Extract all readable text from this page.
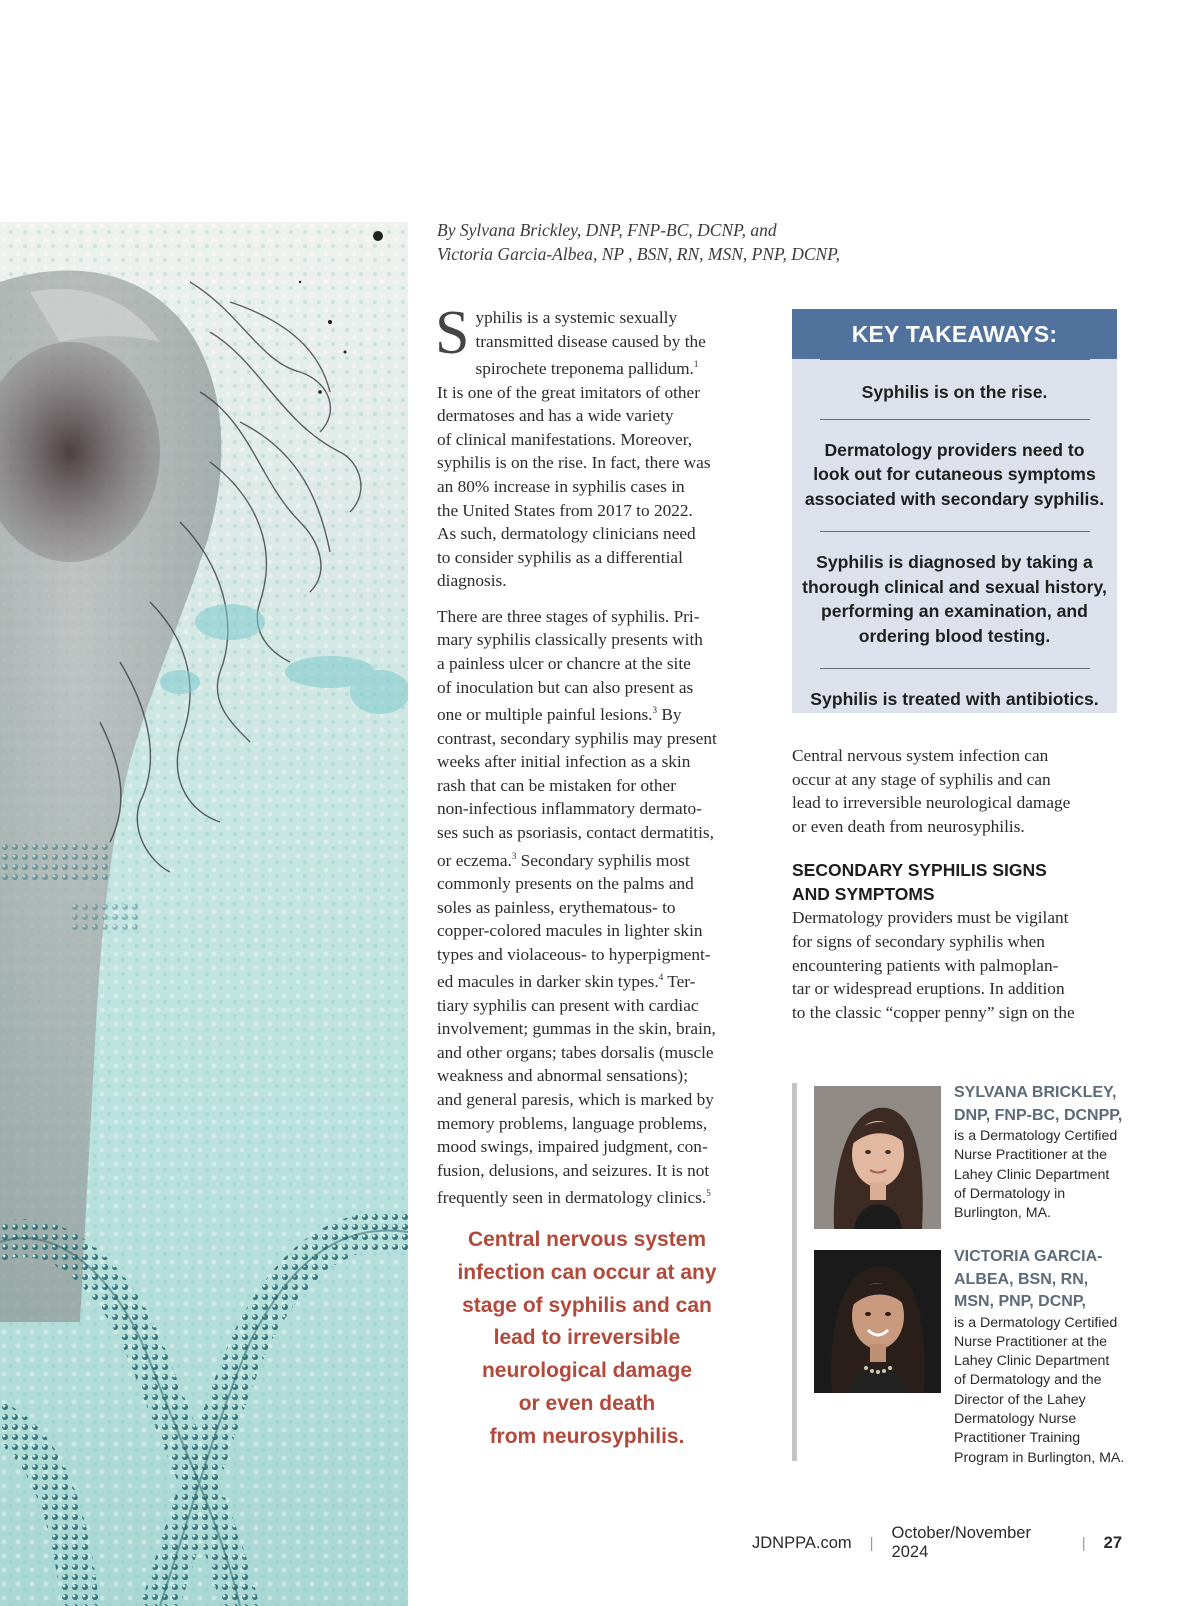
By Sylvana Brickley, DNP, FNP-BC, DCNP, and
Victoria Garcia-Albea, NP , BSN, RN, MSN, PNP, DCNP,

S yphilis is a systemic sexually
transmitted disease caused by the
spirochete treponema pallidum.$^1$
It is one of the great imitators of other
dermatoses and has a wide variety
of clinical manifestations. Moreover,
syphilis is on the rise. In fact, there was
an 80% increase in syphilis cases in
the United States from 2017 to 2022.
As such, dermatology clinicians need
to consider syphilis as a differential
diagnosis.

There are three stages of syphilis. Pri-
mary syphilis classically presents with
a painless ulcer or chancre at the site
of inoculation but can also present as
one or multiple painful lesions.$^3$ By
contrast, secondary syphilis may present
weeks after initial infection as a skin
rash that can be mistaken for other
non-infectious inflammatory dermato-
ses such as psoriasis, contact dermatitis,
or eczema.$^3$ Secondary syphilis most
commonly presents on the palms and
soles as painless, erythematous- to
copper-colored macules in lighter skin
types and violaceous- to hyperpigment-
ed macules in darker skin types.$^4$ Ter-
tiary syphilis can present with cardiac
involvement; gummas in the skin, brain,
and other organs; tabes dorsalis (muscle
weakness and abnormal sensations);
and general paresis, which is marked by
memory problems, language problems,
mood swings, impaired judgment, con-
fusion, delusions, and seizures. It is not
frequently seen in dermatology clinics.$^5$

KEY TAKEAWAYS:
Syphilis is on the rise.
Dermatology providers need to
look out for cutaneous symptoms
associated with secondary syphilis.
Syphilis is diagnosed by taking a
thorough clinical and sexual history,
performing an examination, and
ordering blood testing.
Syphilis is treated with antibiotics.

Central nervous system infection can
occur at any stage of syphilis and can
lead to irreversible neurological damage
or even death from neurosyphilis.

SECONDARY SYPHILIS SIGNS
AND SYMPTOMS

Dermatology providers must be vigilant
for signs of secondary syphilis when
encountering patients with palmoplan-
tar or widespread eruptions. In addition
to the classic “copper penny” sign on the

Central nervous system
infection can occur at any
stage of syphilis and can
lead to irreversible
neurological damage
or even death
from neurosyphilis.
SYLVANA BRICKLEY,
DNP, FNP-BC, DCNPP,
is a Dermatology Certified
Nurse Practitioner at the
Lahey Clinic Department
of Dermatology in
Burlington, MA.
VICTORIA GARCIA-
ALBEA, BSN, RN,
MSN, PNP, DCNP,
is a Dermatology Certified
Nurse Practitioner at the
Lahey Clinic Department
of Dermatology and the
Director of the Lahey
Dermatology Nurse
Practitioner Training
Program in Burlington, MA.
JDNPPA.com |
October/November 2024	| 27
